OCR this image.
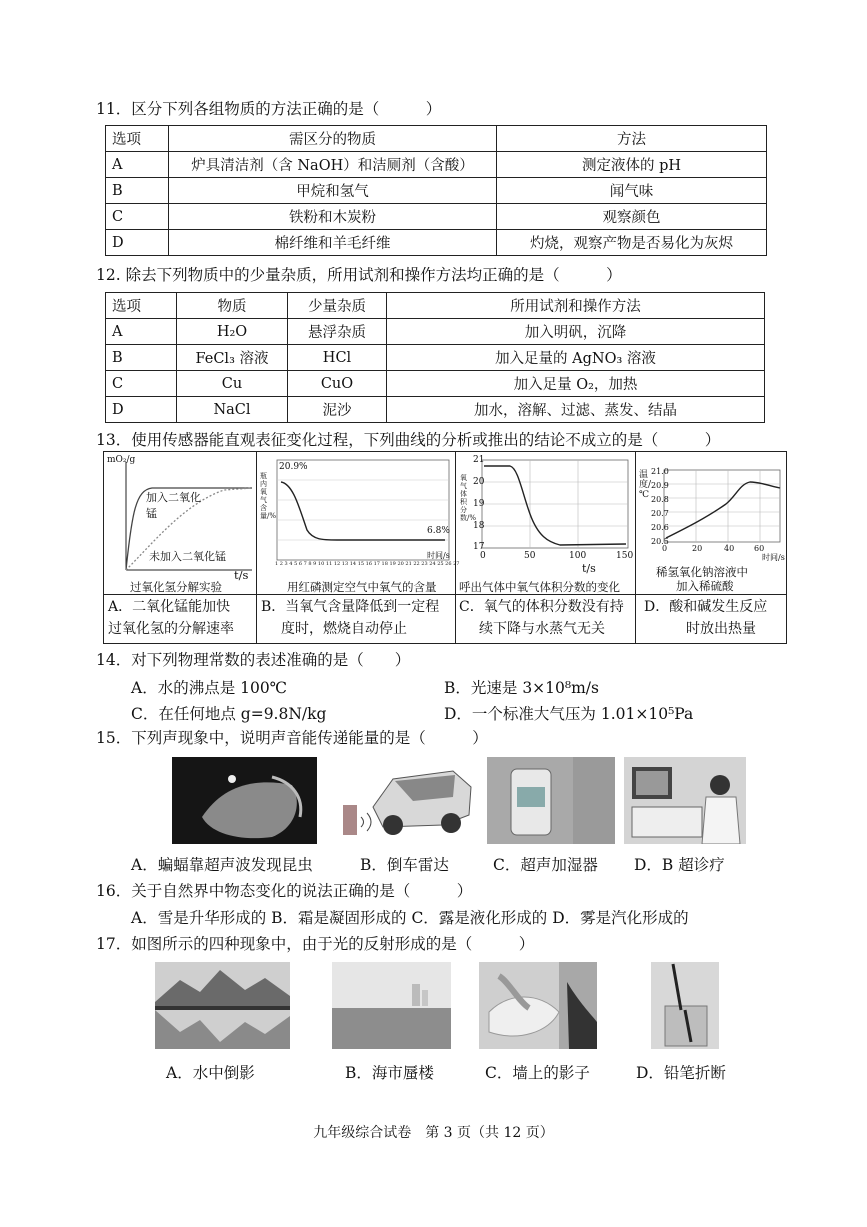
11．区分下列各组物质的方法正确的是（　　　）
选项	需区分的物质	方法
A	炉具清洁剂（含 NaOH）和洁厕剂（含酸）	测定液体的 pH
B	甲烷和氢气	闻气味
C	铁粉和木炭粉	观察颜色
D	棉纤维和羊毛纤维	灼烧，观察产物是否易化为灰烬
12. 除去下列物质中的少量杂质，所用试剂和操作方法均正确的是（　　　）
选项	物质	少量杂质	所用试剂和操作方法
A	H₂O	悬浮杂质	加入明矾，沉降
B	FeCl₃ 溶液	HCl	加入足量的 AgNO₃ 溶液
C	Cu	CuO	加入足量 O₂，加热
D	NaCl	泥沙	加水，溶解、过滤、蒸发、结晶
13．使用传感器能直观表征变化过程，下列曲线的分析或推出的结论不成立的是（　　　）
mO₂/g
加入二氧化锰
未加入二氧化锰
t/s
过氧化氢分解实验
瓶内氧气含量/%
20.9%
6.8%
1 2 3 4 5 6 7 8 9 10 11 12 13 14 15 16 17 18 19 20 21 22 23 24 25 26 27
时间/s
用红磷测定空气中氧气的含量
21
20
19
18
17
氧气体积分数/%
0	50	100	150
t/s
呼出气体中氧气体积分数的变化
21.0
20.9
20.8
20.7
20.6
20.5
温度/℃
0	20	40 60
时间/s
稀氢氧化钠溶液中
加入稀硫酸
A．二氧化锰能加快
过氧化氢的分解速率
B．当氧气含量降低到一定程
度时，燃烧自动停止
C．氧气的体积分数没有持
续下降与水蒸气无关
D．酸和碱发生反应
时放出热量
14．对下列物理常数的表述准确的是（　　）
A．水的沸点是 100℃	B．光速是 3×10⁸m/s
C．在任何地点 g=9.8N/kg	D．一个标准大气压为 1.01×10⁵Pa
15．下列声现象中，说明声音能传递能量的是（　　　）
A．蝙蝠靠超声波发现昆虫	B．倒车雷达	C．超声加湿器 D．B 超诊疗
16．关于自然界中物态变化的说法正确的是（　　　）
A．雪是升华形成的 B．霜是凝固形成的 C．露是液化形成的 D．雾是汽化形成的
17．如图所示的四种现象中，由于光的反射形成的是（　　　）
A．水中倒影	B．海市蜃楼	C．墙上的影子	D．铅笔折断
九年级综合试卷　第 3 页（共 12 页）
